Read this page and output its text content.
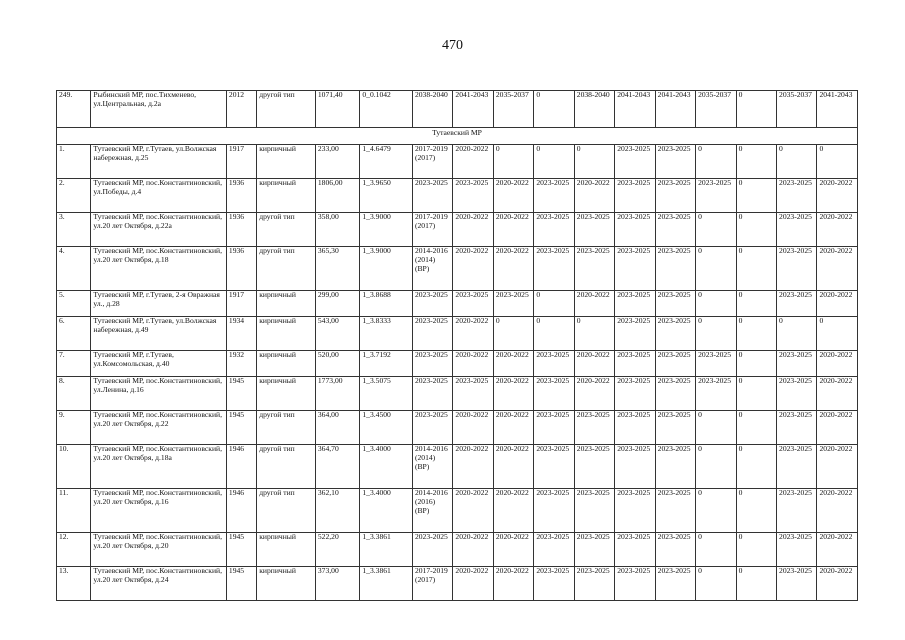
470
249.	Рыбинский МР, пос.Тихменево, ул.Центральная, д.2а	2012	другой тип	1071,40	0_0.1042	2038-2040	2041-2043	2035-2037	0	2038-2040	2041-2043	2041-2043	2035-2037	0	2035-2037	2041-2043
Тутаевский МР																
1.	Тутаевский МР, г.Тутаев, ул.Волжская набережная, д.25	1917	кирпичный	233,00	1_4.6479	2017-2019 (2017)	2020-2022	0	0	0	2023-2025	2023-2025	0	0	0	0
2.	Тутаевский МР, пос.Константиновский, ул.Победы, д.4	1936	кирпичный	1806,00	1_3.9650	2023-2025	2023-2025	2020-2022	2023-2025	2020-2022	2023-2025	2023-2025	2023-2025	0	2023-2025	2020-2022
3.	Тутаевский МР, пос.Константиновский, ул.20 лет Октября, д.22а	1936	другой тип	358,00	1_3.9000	2017-2019 (2017)	2020-2022	2020-2022	2023-2025	2023-2025	2023-2025	2023-2025	0	0	2023-2025	2020-2022
4.	Тутаевский МР, пос.Константиновский, ул.20 лет Октября, д.18	1936	другой тип	365,30	1_3.9000	2014-2016 (2014) (ВР)	2020-2022	2020-2022	2023-2025	2023-2025	2023-2025	2023-2025	0	0	2023-2025	2020-2022
5.	Тутаевский МР, г.Тутаев, 2-я Овражная ул., д.28	1917	кирпичный	299,00	1_3.8688	2023-2025	2023-2025	2023-2025	0	2020-2022	2023-2025	2023-2025	0	0	2023-2025	2020-2022
6.	Тутаевский МР, г.Тутаев, ул.Волжская набережная, д.49	1934	кирпичный	543,00	1_3.8333	2023-2025	2020-2022	0	0	0	2023-2025	2023-2025	0	0	0	0
7.	Тутаевский МР, г.Тутаев, ул.Комсомольская, д.40	1932	кирпичный	520,00	1_3.7192	2023-2025	2020-2022	2020-2022	2023-2025	2020-2022	2023-2025	2023-2025	2023-2025	0	2023-2025	2020-2022
8.	Тутаевский МР, пос.Константиновский, ул.Ленина, д.16	1945	кирпичный	1773,00	1_3.5075	2023-2025	2023-2025	2020-2022	2023-2025	2020-2022	2023-2025	2023-2025	2023-2025	0	2023-2025	2020-2022
9.	Тутаевский МР, пос.Константиновский, ул.20 лет Октября, д.22	1945	другой тип	364,00	1_3.4500	2023-2025	2020-2022	2020-2022	2023-2025	2023-2025	2023-2025	2023-2025	0	0	2023-2025	2020-2022
10.	Тутаевский МР, пос.Константиновский, ул.20 лет Октября, д.18а	1946	другой тип	364,70	1_3.4000	2014-2016 (2014) (ВР)	2020-2022	2020-2022	2023-2025	2023-2025	2023-2025	2023-2025	0	0	2023-2025	2020-2022
11.	Тутаевский МР, пос.Константиновский, ул.20 лет Октября, д.16	1946	другой тип	362,10	1_3.4000	2014-2016 (2016) (ВР)	2020-2022	2020-2022	2023-2025	2023-2025	2023-2025	2023-2025	0	0	2023-2025	2020-2022
12.	Тутаевский МР, пос.Константиновский, ул.20 лет Октября, д.20	1945	кирпичный	522,20	1_3.3861	2023-2025	2020-2022	2020-2022	2023-2025	2023-2025	2023-2025	2023-2025	0	0	2023-2025	2020-2022
13.	Тутаевский МР, пос.Константиновский, ул.20 лет Октября, д.24	1945	кирпичный	373,00	1_3.3861	2017-2019 (2017)	2020-2022	2020-2022	2023-2025	2023-2025	2023-2025	2023-2025	0	0	2023-2025	2020-2022
